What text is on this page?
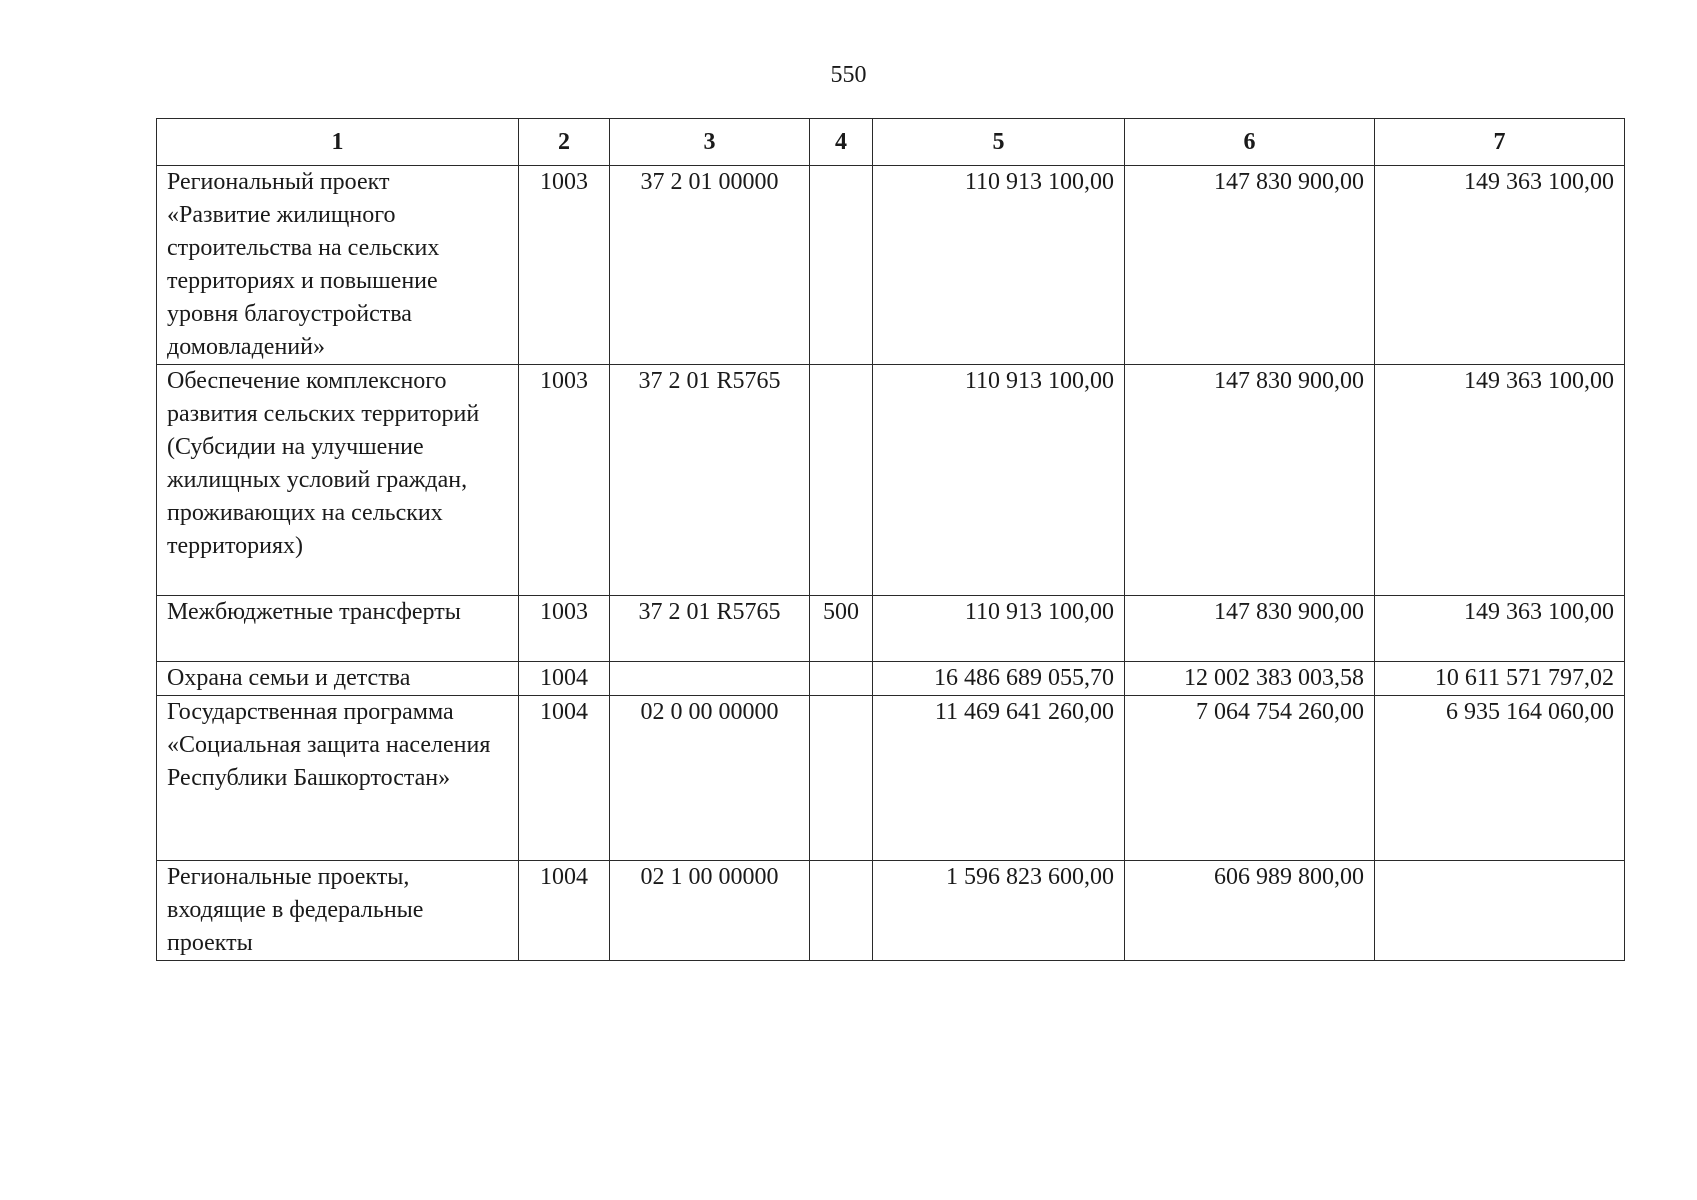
550
1	2	3	4	5	6	7

Региональный проект «Развитие жилищного строительства на сельских территориях и повышение уровня благоустройства домовладений»	1003	37 2 01 00000		110 913 100,00	147 830 900,00	149 363 100,00

Обеспечение комплексного развития сельских территорий (Субсидии на улучшение жилищных условий граждан, проживающих на сельских территориях)	1003	37 2 01 R5765		110 913 100,00	147 830 900,00	149 363 100,00

Межбюджетные трансферты	1003	37 2 01 R5765	500	110 913 100,00	147 830 900,00	149 363 100,00

Охрана семьи и детства	1004			16 486 689 055,70	12 002 383 003,58	10 611 571 797,02

Государственная программа «Социальная защита населения Республики Башкортостан»	1004	02 0 00 00000		11 469 641 260,00	7 064 754 260,00	6 935 164 060,00

Региональные проекты, входящие в федеральные проекты	1004	02 1 00 00000		1 596 823 600,00	606 989 800,00	
